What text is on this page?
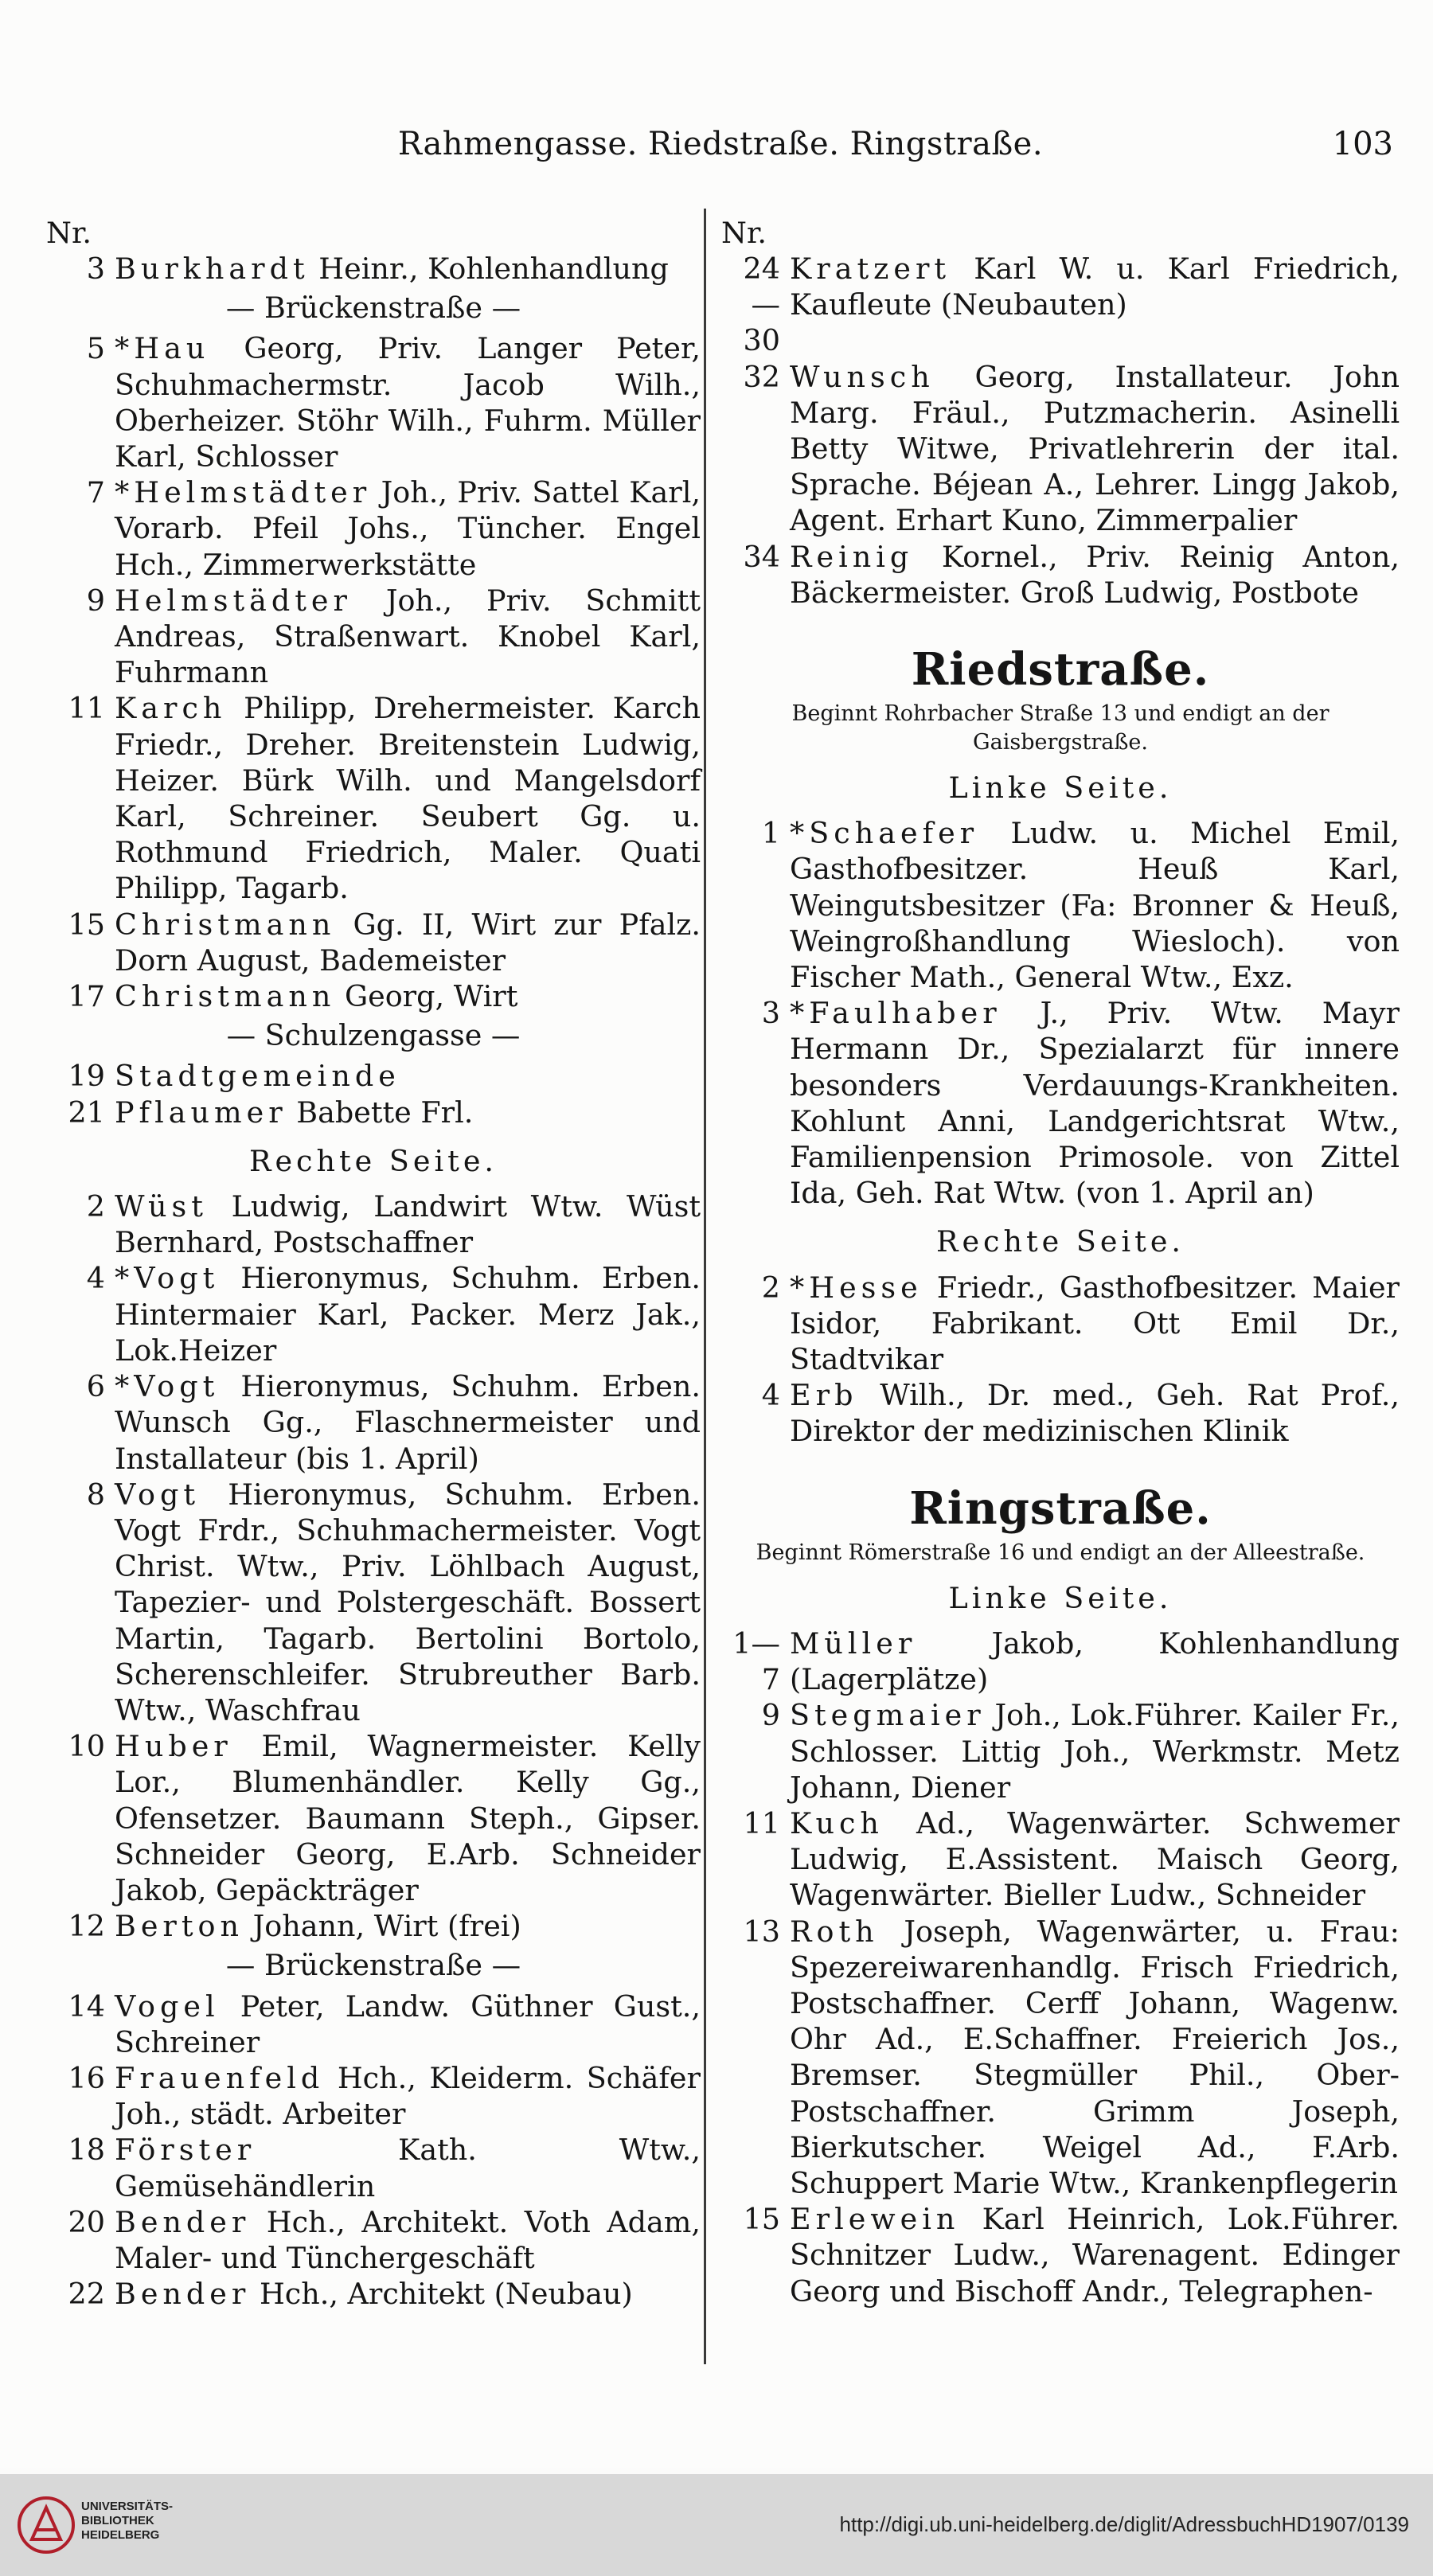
Rahmengasse. Riedstraße. Ringstraße.	103
Nr.
3 Burkhardt Heinr., Kohlenhandlung
— Brückenstraße —
5 *Hau Georg, Priv. Langer Peter, Schuhmachermstr. Jacob Wilh., Oberheizer. Stöhr Wilh., Fuhrm. Müller Karl, Schlosser
7 *Helmstädter Joh., Priv. Sattel Karl, Vorarb. Pfeil Johs., Tüncher. Engel Hch., Zimmerwerkstätte
9 Helmstädter Joh., Priv. Schmitt Andreas, Straßenwart. Knobel Karl, Fuhrmann
11 Karch Philipp, Drehermeister. Karch Friedr., Dreher. Breitenstein Ludwig, Heizer. Bürk Wilh. und Mangelsdorf Karl, Schreiner. Seubert Gg. u. Rothmund Friedrich, Maler. Quati Philipp, Tagarb.
15 Christmann Gg. II, Wirt zur Pfalz. Dorn August, Bademeister
17 Christmann Georg, Wirt
— Schulzengasse —
19 Stadtgemeinde
21 Pflaumer Babette Frl.
Rechte Seite.
2 Wüst Ludwig, Landwirt Wtw. Wüst Bernhard, Postschaffner
4 *Vogt Hieronymus, Schuhm. Erben. Hintermaier Karl, Packer. Merz Jak., Lok.Heizer
6 *Vogt Hieronymus, Schuhm. Erben. Wunsch Gg., Flaschnermeister und Installateur (bis 1. April)
8 Vogt Hieronymus, Schuhm. Erben. Vogt Frdr., Schuhmachermeister. Vogt Christ. Wtw., Priv. Löhlbach August, Tapezier- und Polstergeschäft. Bossert Martin, Tagarb. Bertolini Bortolo, Scherenschleifer. Strubreuther Barb. Wtw., Waschfrau
10 Huber Emil, Wagnermeister. Kelly Lor., Blumenhändler. Kelly Gg., Ofensetzer. Baumann Steph., Gipser. Schneider Georg, E.Arb. Schneider Jakob, Gepäckträger
12 Berton Johann, Wirt (frei)
— Brückenstraße —
14 Vogel Peter, Landw. Güthner Gust., Schreiner
16 Frauenfeld Hch., Kleiderm. Schäfer Joh., städt. Arbeiter
18 Förster Kath. Wtw., Gemüsehändlerin
20 Bender Hch., Architekt. Voth Adam, Maler- und Tünchergeschäft
22 Bender Hch., Architekt (Neubau)
Nr.
24—30
Kratzert Karl W. u. Karl Friedrich, Kaufleute (Neubauten)
32 Wunsch Georg, Installateur. John Marg. Fräul., Putzmacherin. Asinelli Betty Witwe, Privatlehrerin der ital. Sprache. Béjean A., Lehrer. Lingg Jakob, Agent. Erhart Kuno, Zimmerpalier
34 Reinig Kornel., Priv. Reinig Anton, Bäckermeister. Groß Ludwig, Postbote
Riedstraße.
Beginnt Rohrbacher Straße 13 und endigt an der Gaisbergstraße.
Linke Seite.
1 *Schaefer Ludw. u. Michel Emil, Gasthofbesitzer. Heuß Karl, Weingutsbesitzer (Fa: Bronner & Heuß, Weingroßhandlung Wiesloch). von Fischer Math., General Wtw., Exz.
3 *Faulhaber J., Priv. Wtw. Mayr Hermann Dr., Spezialarzt für innere besonders Verdauungs-Krankheiten. Kohlunt Anni, Landgerichtsrat Wtw., Familienpension Primosole. von Zittel Ida, Geh. Rat Wtw. (von 1. April an)
Rechte Seite.
2 *Hesse Friedr., Gasthofbesitzer. Maier Isidor, Fabrikant. Ott Emil Dr., Stadtvikar
4 Erb Wilh., Dr. med., Geh. Rat Prof., Direktor der medizinischen Klinik
Ringstraße.
Beginnt Römerstraße 16 und endigt an der Alleestraße.
Linke Seite.
1—7
Müller Jakob, Kohlenhandlung (Lagerplätze)
9 Stegmaier Joh., Lok.Führer. Kailer Fr., Schlosser. Littig Joh., Werkmstr. Metz Johann, Diener
11 Kuch Ad., Wagenwärter. Schwemer Ludwig, E.Assistent. Maisch Georg, Wagenwärter. Bieller Ludw., Schneider
13 Roth Joseph, Wagenwärter, u. Frau: Spezereiwarenhandlg. Frisch Friedrich, Postschaffner. Cerff Johann, Wagenw. Ohr Ad., E.Schaffner. Freierich Jos., Bremser. Stegmüller Phil., Ober-Postschaffner. Grimm Joseph, Bierkutscher. Weigel Ad., F.Arb. Schuppert Marie Wtw., Krankenpflegerin
15 Erlewein Karl Heinrich, Lok.Führer. Schnitzer Ludw., Warenagent. Edinger Georg und Bischoff Andr., Telegraphen-
UNIVERSITÄTS-
BIBLIOTHEK
HEIDELBERG	http://digi.ub.uni-heidelberg.de/diglit/AdressbuchHD1907/0139
